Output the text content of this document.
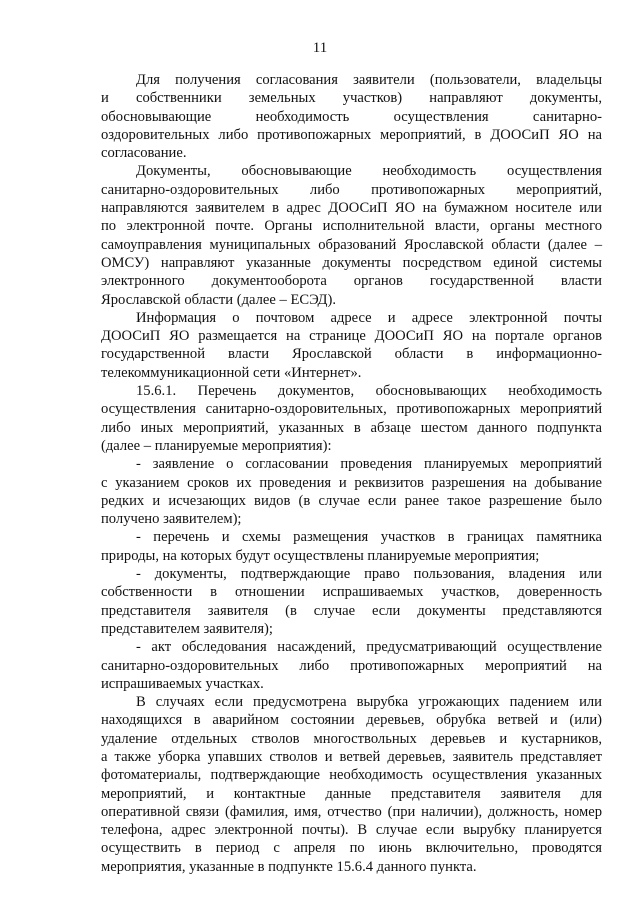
11
Для получения согласования заявители (пользователи, владельцы
и собственники земельных участков) направляют документы,
обосновывающие необходимость осуществления санитарно-
оздоровительных либо противопожарных мероприятий, в ДООСиП ЯО на
согласование.
Документы, обосновывающие необходимость осуществления
санитарно-оздоровительных либо противопожарных мероприятий,
направляются заявителем в адрес ДООСиП ЯО на бумажном носителе или
по электронной почте. Органы исполнительной власти, органы местного
самоуправления муниципальных образований Ярославской области (далее –
ОМСУ) направляют указанные документы посредством единой системы
электронного документооборота органов государственной власти
Ярославской области (далее – ЕСЭД).
Информация о почтовом адресе и адресе электронной почты
ДООСиП ЯО размещается на странице ДООСиП ЯО на портале органов
государственной власти Ярославской области в информационно-
телекоммуникационной сети «Интернет».
15.6.1. Перечень документов, обосновывающих необходимость
осуществления санитарно-оздоровительных, противопожарных мероприятий
либо иных мероприятий, указанных в абзаце шестом данного подпункта
(далее – планируемые мероприятия):
- заявление о согласовании проведения планируемых мероприятий
с указанием сроков их проведения и реквизитов разрешения на добывание
редких и исчезающих видов (в случае если ранее такое разрешение было
получено заявителем);
- перечень и схемы размещения участков в границах памятника
природы, на которых будут осуществлены планируемые мероприятия;
- документы, подтверждающие право пользования, владения или
собственности в отношении испрашиваемых участков, доверенность
представителя заявителя (в случае если документы представляются
представителем заявителя);
- акт обследования насаждений, предусматривающий осуществление
санитарно-оздоровительных либо противопожарных мероприятий на
испрашиваемых участках.
В случаях если предусмотрена вырубка угрожающих падением или
находящихся в аварийном состоянии деревьев, обрубка ветвей и (или)
удаление отдельных стволов многоствольных деревьев и кустарников,
а также уборка упавших стволов и ветвей деревьев, заявитель представляет
фотоматериалы, подтверждающие необходимость осуществления указанных
мероприятий, и контактные данные представителя заявителя для
оперативной связи (фамилия, имя, отчество (при наличии), должность, номер
телефона, адрес электронной почты). В случае если вырубку планируется
осуществить в период с апреля по июнь включительно, проводятся
мероприятия, указанные в подпункте 15.6.4 данного пункта.
